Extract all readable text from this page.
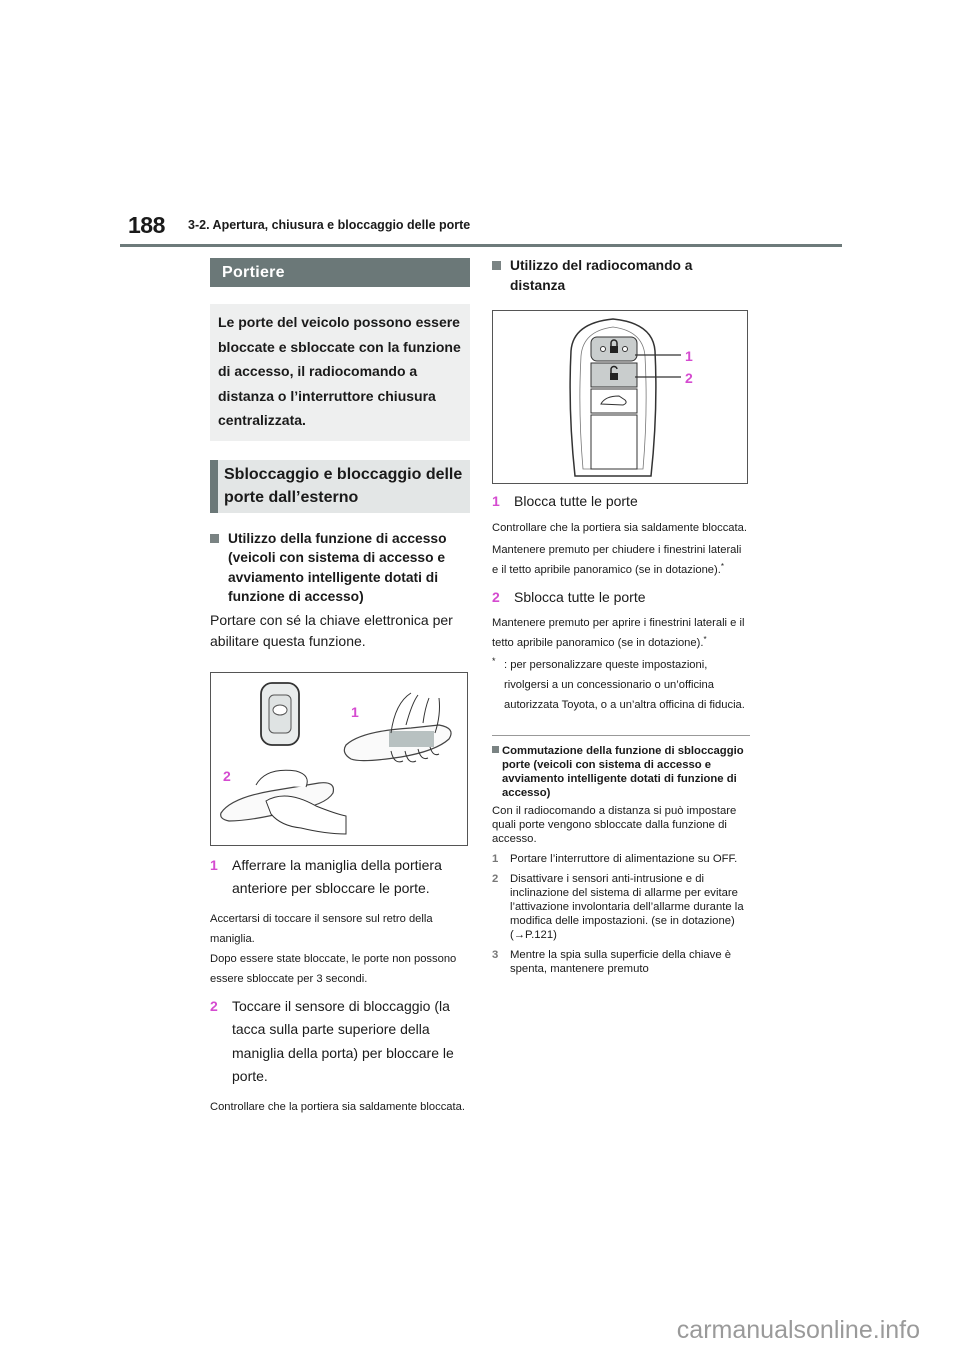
188 3-2. Apertura, chiusura e bloccaggio delle porte
Portiere
Le porte del veicolo possono essere bloccate e sbloccate con la funzione di accesso, il radiocomando a distanza o l’interruttore chiusura centralizzata.
Sbloccaggio e bloccaggio delle porte dall’esterno
Utilizzo della funzione di accesso (veicoli con sistema di accesso e avviamento intelligente dotati di funzione di accesso)
Portare con sé la chiave elettronica per abilitare questa funzione.
1
2
1 Afferrare la maniglia della portiera anteriore per sbloccare le porte.
Accertarsi di toccare il sensore sul retro della maniglia.
Dopo essere state bloccate, le porte non possono essere sbloccate per 3 secondi.
2 Toccare il sensore di bloccaggio (la tacca sulla parte superiore della maniglia della porta) per bloccare le porte.
Controllare che la portiera sia saldamente bloccata.
Utilizzo del radiocomando a distanza
1
2
1 Blocca tutte le porte
Controllare che la portiera sia saldamente bloccata.
Mantenere premuto per chiudere i finestrini laterali e il tetto apribile panoramico (se in dotazione).*
2 Sblocca tutte le porte
Mantenere premuto per aprire i finestrini laterali e il tetto apribile panoramico (se in dotazione).*
* : per personalizzare queste impostazioni, rivolgersi a un concessionario o un’officina autorizzata Toyota, o a un’altra officina di fiducia.
Commutazione della funzione di sbloccaggio porte (veicoli con sistema di accesso e avviamento intelligente dotati di funzione di accesso)
Con il radiocomando a distanza si può impostare quali porte vengono sbloccate dalla funzione di accesso.
1 Portare l’interruttore di alimentazione su OFF.
2 Disattivare i sensori anti-intrusione e di inclinazione del sistema di allarme per evitare l’attivazione involontaria dell’allarme durante la modifica delle impostazioni. (se in dotazione) (→P.121)
3 Mentre la spia sulla superficie della chiave è spenta, mantenere premuto
carmanualsonline.info
